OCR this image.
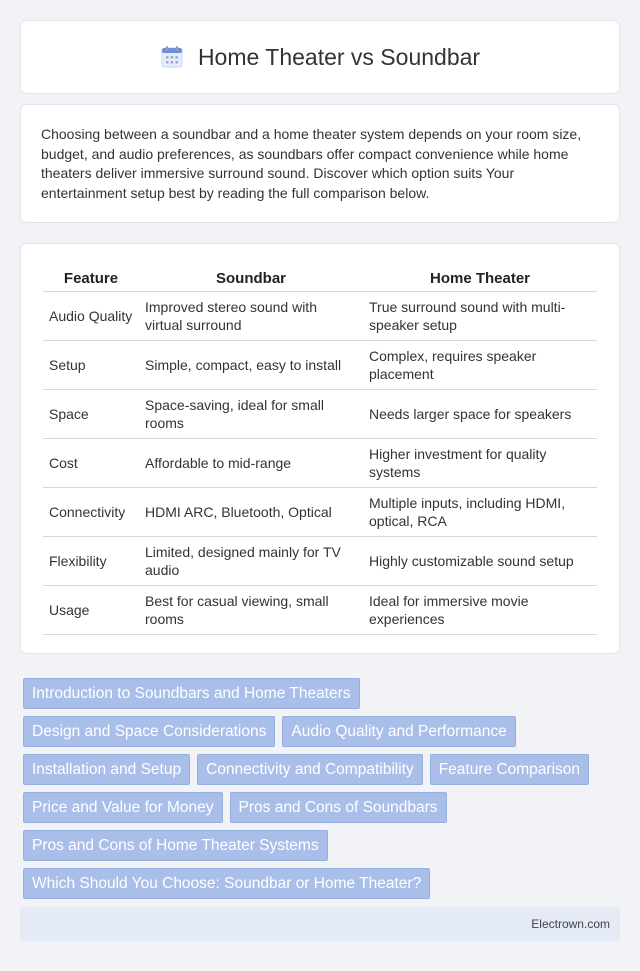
Home Theater vs Soundbar

Choosing between a soundbar and a home theater system depends on your room size, budget, and audio preferences, as soundbars offer compact convenience while home theaters deliver immersive surround sound. Discover which option suits Your entertainment setup best by reading the full comparison below.

Feature	Soundbar	Home Theater
Audio Quality	Improved stereo sound with virtual surround	True surround sound with multi-speaker setup
Setup	Simple, compact, easy to install	Complex, requires speaker placement
Space	Space-saving, ideal for small rooms	Needs larger space for speakers
Cost	Affordable to mid-range	Higher investment for quality systems
Connectivity	HDMI ARC, Bluetooth, Optical	Multiple inputs, including HDMI, optical, RCA
Flexibility	Limited, designed mainly for TV audio	Highly customizable sound setup
Usage	Best for casual viewing, small rooms	Ideal for immersive movie experiences
Introduction to Soundbars and Home Theaters
Design and Space Considerations	Audio Quality and Performance
Installation and Setup	Connectivity and Compatibility	Feature Comparison
Price and Value for Money	Pros and Cons of Soundbars
Pros and Cons of Home Theater Systems
Which Should You Choose: Soundbar or Home Theater?
Electrown.com
